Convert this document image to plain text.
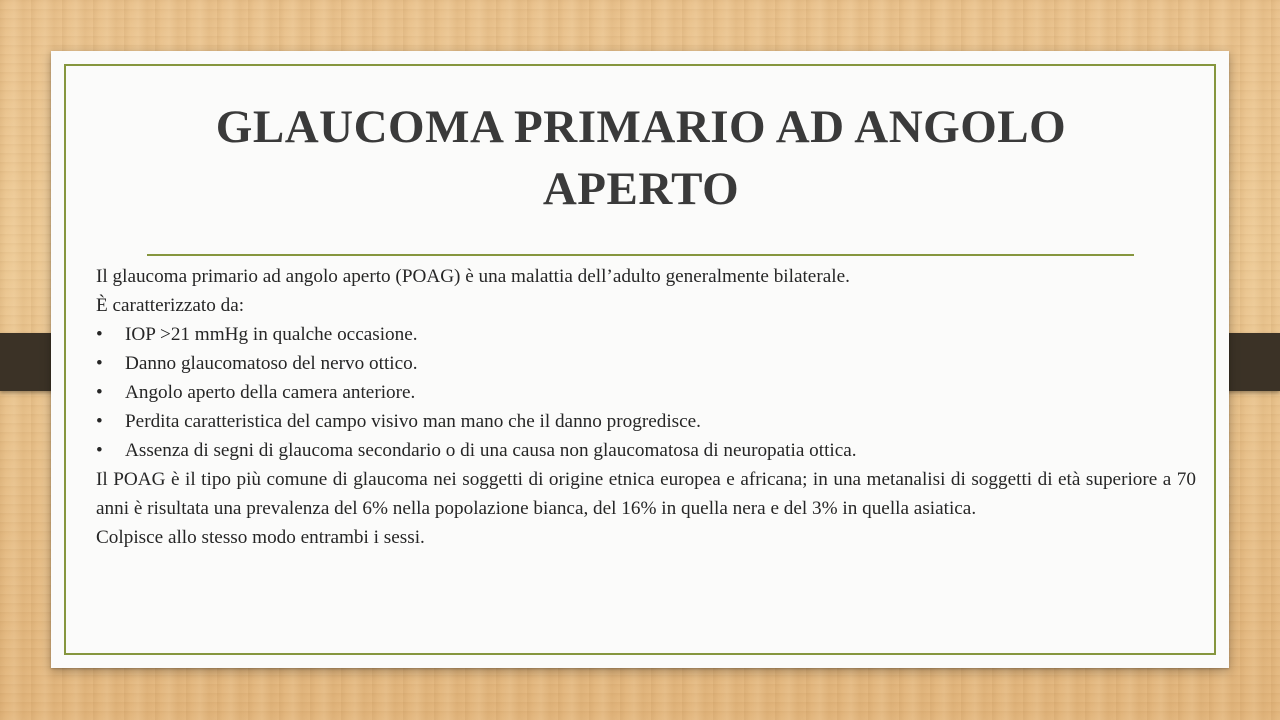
GLAUCOMA PRIMARIO AD ANGOLO
APERTO

Il glaucoma primario ad angolo aperto (POAG) è una malattia dell’adulto generalmente bilaterale.

È caratterizzato da:

• IOP >21 mmHg in qualche occasione.
• Danno glaucomatoso del nervo ottico.
• Angolo aperto della camera anteriore.
• Perdita caratteristica del campo visivo man mano che il danno progredisce.
• Assenza di segni di glaucoma secondario o di una causa non glaucomatosa di neuropatia ottica.

Il POAG è il tipo più comune di glaucoma nei soggetti di origine etnica europea e africana; in una metanalisi di soggetti di età superiore a 70 anni è risultata una prevalenza del 6% nella popolazione bianca, del 16% in quella nera e del 3% in quella asiatica.

Colpisce allo stesso modo entrambi i sessi.
